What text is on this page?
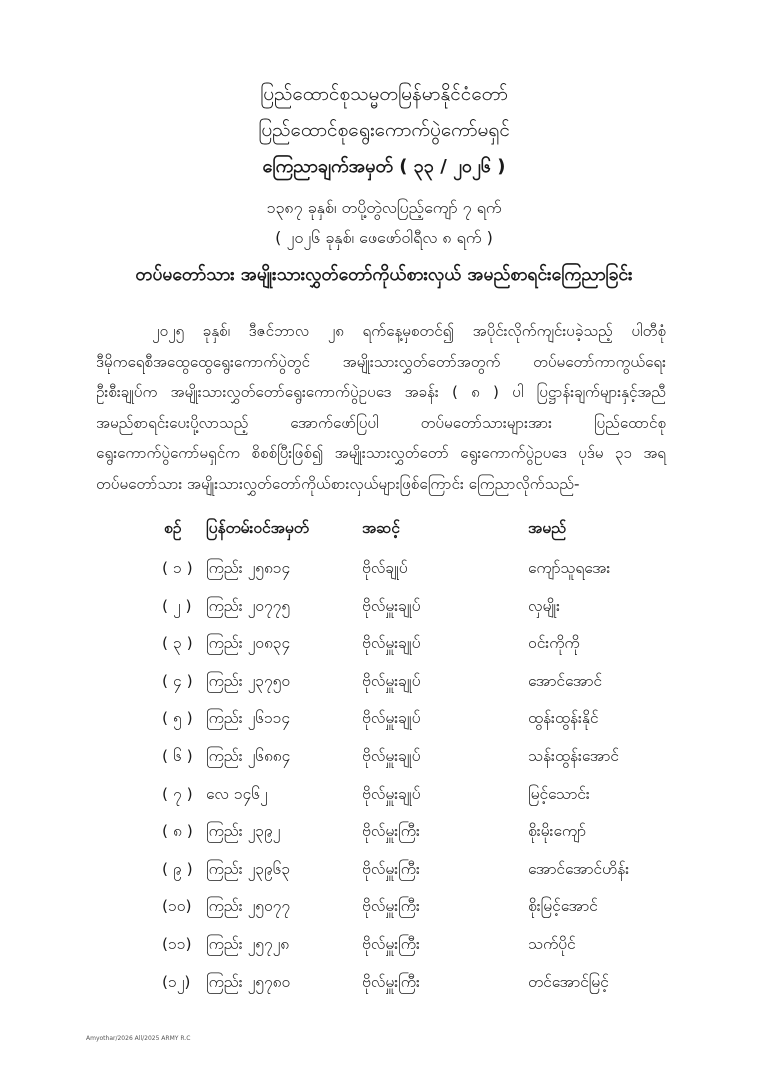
ပြည်ထောင်စုသမ္မတမြန်မာနိုင်ငံတော်
ပြည်ထောင်စုရွေးကောက်ပွဲကော်မရှင်
ကြေညာချက်အမှတ် ( ၃၃ / ၂၀၂၆ )
၁၃၈၇ ခုနှစ်၊ တပို့တွဲလပြည့်ကျော် ၇ ရက်
( ၂၀၂၆ ခုနှစ်၊ ဖေဖော်ဝါရီလ ၈ ရက် )
တပ်မတော်သား အမျိုးသားလွှတ်တော်ကိုယ်စားလှယ် အမည်စာရင်းကြေညာခြင်း
၂၀၂၅ ခုနှစ်၊ ဒီဇင်ဘာလ ၂၈ ရက်နေ့မှစတင်၍ အပိုင်းလိုက်ကျင်းပခဲ့သည့် ပါတီစုံ
ဒီမိုကရေစီအထွေထွေရွေးကောက်ပွဲတွင် အမျိုးသားလွှတ်တော်အတွက် တပ်မတော်ကာကွယ်ရေး
ဦးစီးချုပ်က အမျိုးသားလွှတ်တော်ရွေးကောက်ပွဲဥပဒေ အခန်း ( ၈ ) ပါ ပြဋ္ဌာန်းချက်များနှင့်အညီ
အမည်စာရင်းပေးပို့လာသည့် အောက်ဖော်ပြပါ တပ်မတော်သားများအား ပြည်ထောင်စု
ရွေးကောက်ပွဲကော်မရှင်က စိစစ်ပြီးဖြစ်၍ အမျိုးသားလွှတ်တော် ရွေးကောက်ပွဲဥပဒေ ပုဒ်မ ၃၁ အရ
တပ်မတော်သား အမျိုးသားလွှတ်တော်ကိုယ်စားလှယ်များဖြစ်ကြောင်း ကြေညာလိုက်သည်-
စဉ်	ပြန်တမ်းဝင်အမှတ်	အဆင့်	အမည်
( ၁ ) ကြည်း ၂၅၈၁၄	ဗိုလ်ချုပ်	ကျော်သူရအေး
( ၂ ) ကြည်း ၂၀၇၇၅	ဗိုလ်မှူးချုပ်	လှမျိုး
( ၃ ) ကြည်း ၂၀၈၃၄	ဗိုလ်မှူးချုပ်	ဝင်းကိုကို
( ၄ ) ကြည်း ၂၃၇၅၀	ဗိုလ်မှူးချုပ်	အောင်အောင်
( ၅ ) ကြည်း ၂၆၁၁၄	ဗိုလ်မှူးချုပ်	ထွန်းထွန်းနိုင်
( ၆ ) ကြည်း ၂၆၈၈၄	ဗိုလ်မှူးချုပ်	သန်းထွန်းအောင်
( ၇ ) လေ ၁၄၆၂	ဗိုလ်မှူးချုပ်	မြင့်သောင်း
( ၈ ) ကြည်း ၂၃၉၂	ဗိုလ်မှူးကြီး	စိုးမိုးကျော်
( ၉ ) ကြည်း ၂၃၉၆၃	ဗိုလ်မှူးကြီး	အောင်အောင်ဟိန်း
(၁၀) ကြည်း ၂၅၀၇၇	ဗိုလ်မှူးကြီး	စိုးမြင့်အောင်
(၁၁) ကြည်း ၂၅၇၂၈	ဗိုလ်မှူးကြီး	သက်ပိုင်
(၁၂)	ကြည်း ၂၅၇၈၀	ဗိုလ်မှူးကြီး	တင်အောင်မြင့်
Amyothar/2026 All/2025 ARMY R.C
